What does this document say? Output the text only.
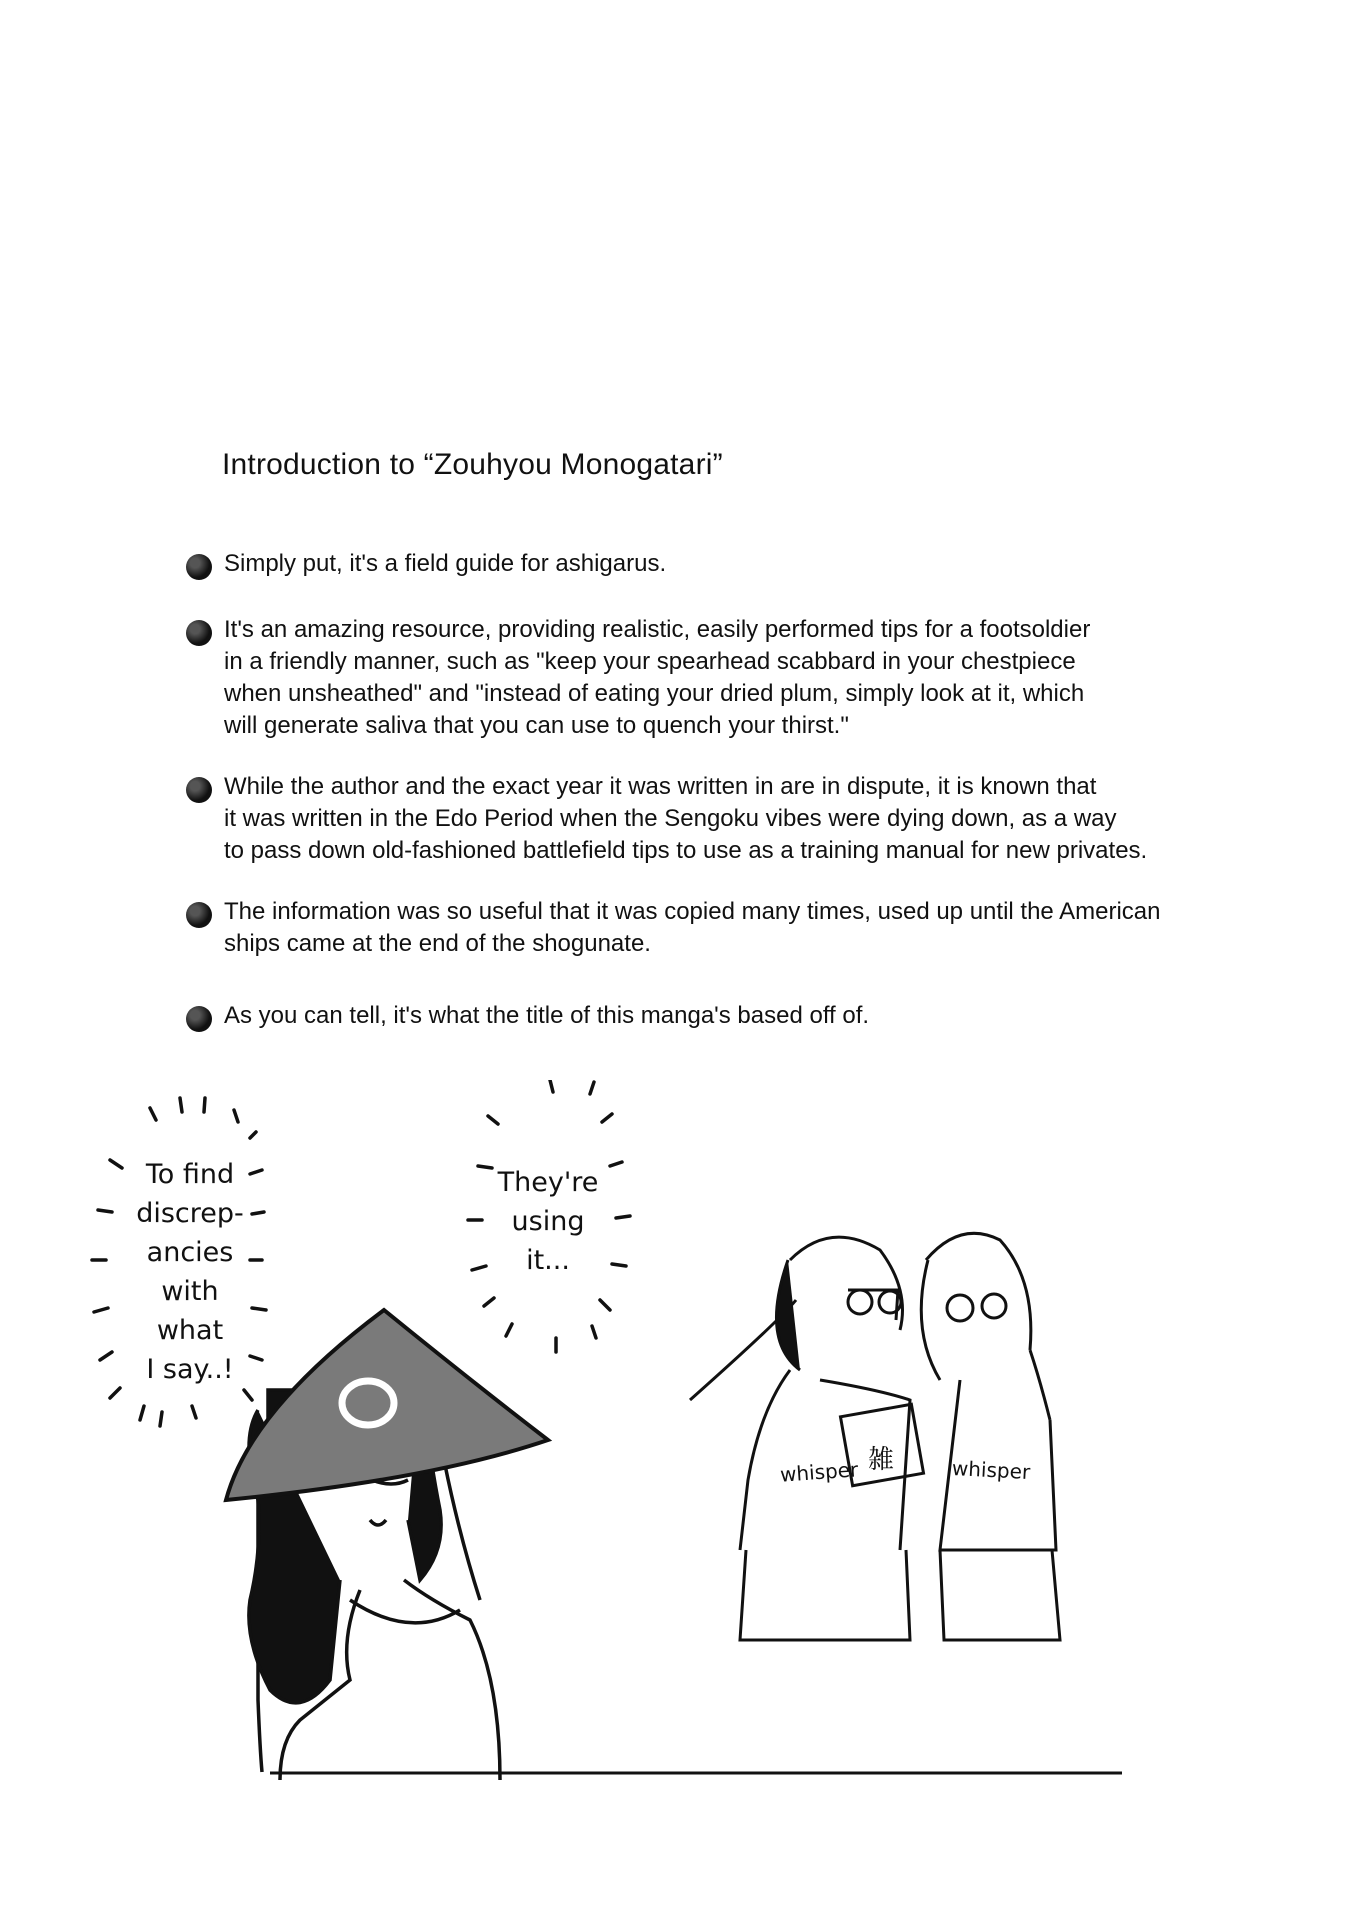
Introduction to “Zouhyou Monogatari”
Simply put, it's a field guide for ashigarus.
It's an amazing resource, providing realistic, easily performed tips for a footsoldier
in a friendly manner, such as "keep your spearhead scabbard in your chestpiece
when unsheathed" and "instead of eating your dried plum, simply look at it, which
will generate saliva that you can use to quench your thirst."
While the author and the exact year it was written in are in dispute, it is known that
it was written in the Edo Period when the Sengoku vibes were dying down, as a way
to pass down old-fashioned battlefield tips to use as a training manual for new privates.
The information was so useful that it was copied many times, used up until the American
ships came at the end of the shogunate.
As you can tell, it's what the title of this manga's based off of.
雑
To find
discrep-
ancies
with
what
I say..!
They're
using
it...
whisper	whisper
